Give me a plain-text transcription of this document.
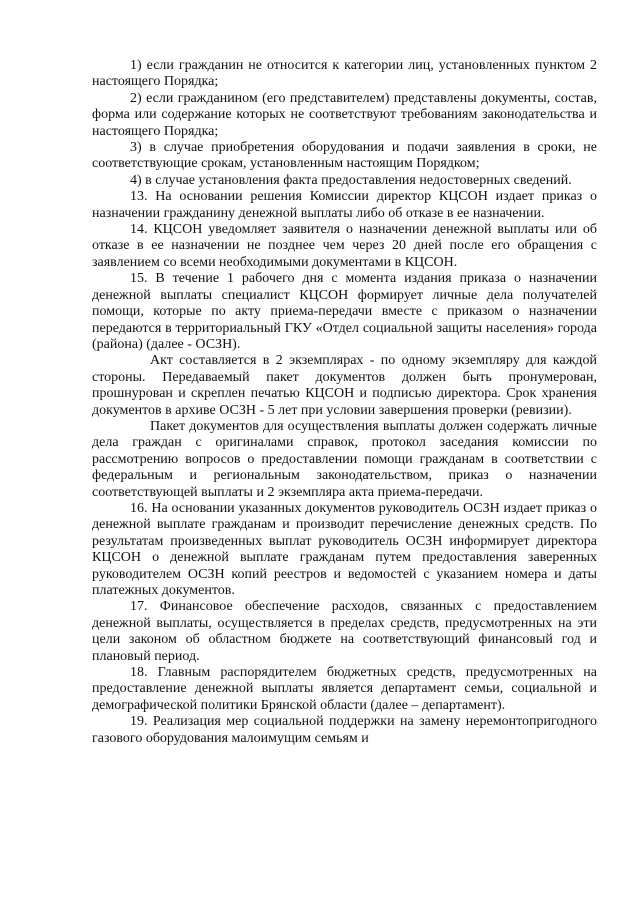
1) если гражданин не относится к категории лиц, установленных пунктом 2 настоящего Порядка;

2) если гражданином (его представителем) представлены документы, состав, форма или содержание которых не соответствуют требованиям законодательства и настоящего Порядка;

3) в случае приобретения оборудования и подачи заявления в сроки, не соответствующие срокам, установленным настоящим Порядком;

4) в случае установления факта предоставления недостоверных сведений.

13. На основании решения Комиссии директор КЦСОН издает приказ о назначении гражданину денежной выплаты либо об отказе в ее назначении.

14. КЦСОН уведомляет заявителя о назначении денежной выплаты или об отказе в ее назначении не позднее чем через 20 дней после его обращения с заявлением со всеми необходимыми документами в КЦСОН.

15. В течение 1 рабочего дня с момента издания приказа о назначении денежной выплаты специалист КЦСОН формирует личные дела получателей помощи, которые по акту приема-передачи вместе с приказом о назначении передаются в территориальный ГКУ «Отдел социальной защиты населения» города (района) (далее - ОСЗН).

Акт составляется в 2 экземплярах - по одному экземпляру для каждой стороны. Передаваемый пакет документов должен быть пронумерован, прошнурован и скреплен печатью КЦСОН и подписью директора. Срок хранения документов в архиве ОСЗН - 5 лет при условии завершения проверки (ревизии).

Пакет документов для осуществления выплаты должен содержать личные дела граждан с оригиналами справок, протокол заседания комиссии по рассмотрению вопросов о предоставлении помощи гражданам в соответствии с федеральным и региональным законодательством, приказ о назначении соответствующей выплаты и 2 экземпляра акта приема-передачи.

16. На основании указанных документов руководитель ОСЗН издает приказ о денежной выплате гражданам и производит перечисление денежных средств. По результатам произведенных выплат руководитель ОСЗН информирует директора КЦСОН о денежной выплате гражданам путем предоставления заверенных руководителем ОСЗН копий реестров и ведомостей с указанием номера и даты платежных документов.

17. Финансовое обеспечение расходов, связанных с предоставлением денежной выплаты, осуществляется в пределах средств, предусмотренных на эти цели законом об областном бюджете на соответствующий финансовый год и плановый период.

18. Главным распорядителем бюджетных средств, предусмотренных на предоставление денежной выплаты является департамент семьи, социальной и демографической политики Брянской области (далее – департамент).

19. Реализация мер социальной поддержки на замену неремонтопригодного газового оборудования малоимущим семьям и
